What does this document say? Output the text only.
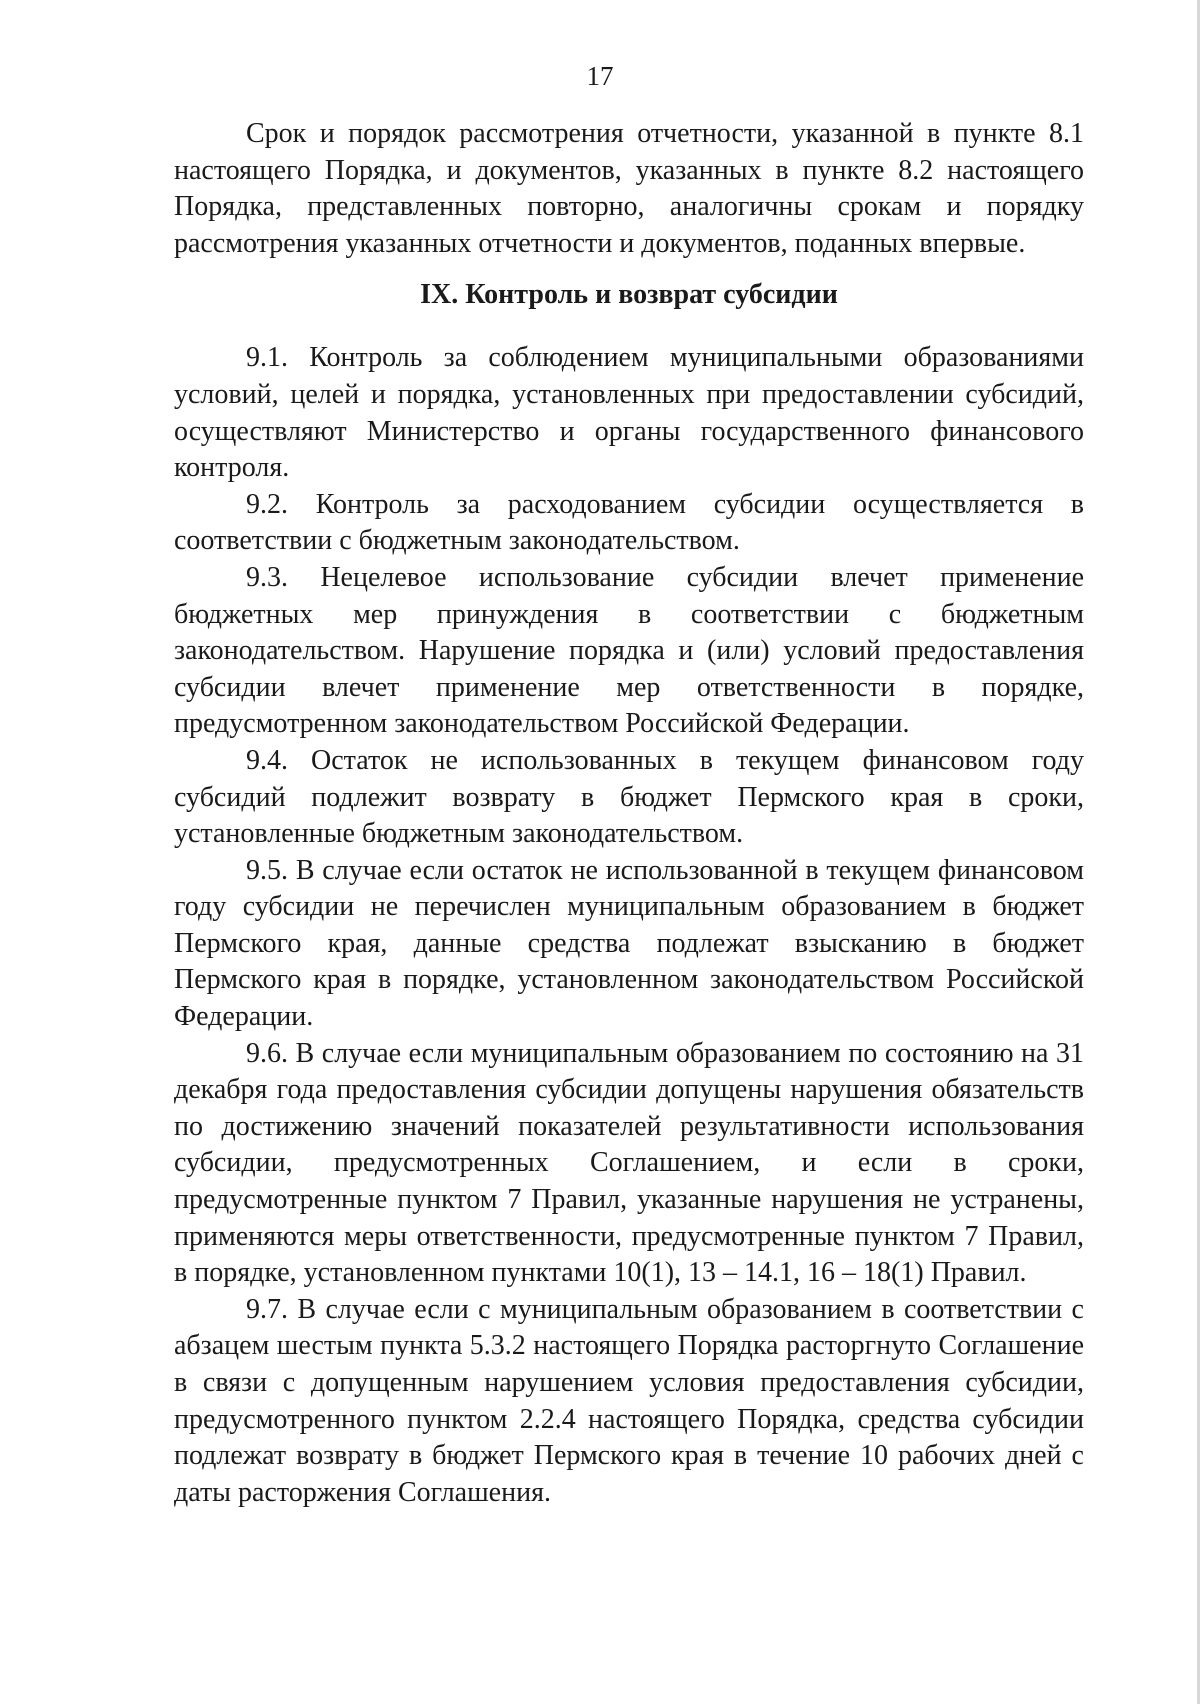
17

Срок и порядок рассмотрения отчетности, указанной в пункте 8.1 настоящего Порядка, и документов, указанных в пункте 8.2 настоящего Порядка, представленных повторно, аналогичны срокам и порядку рассмотрения указанных отчетности и документов, поданных впервые.

IX. Контроль и возврат субсидии

9.1. Контроль за соблюдением муниципальными образованиями условий, целей и порядка, установленных при предоставлении субсидий, осуществляют Министерство и органы государственного финансового контроля.

9.2. Контроль за расходованием субсидии осуществляется в соответствии с бюджетным законодательством.

9.3. Нецелевое использование субсидии влечет применение бюджетных мер принуждения в соответствии с бюджетным законодательством. Нарушение порядка и (или) условий предоставления субсидии влечет применение мер ответственности в порядке, предусмотренном законодательством Российской Федерации.

9.4. Остаток не использованных в текущем финансовом году субсидий подлежит возврату в бюджет Пермского края в сроки, установленные бюджетным законодательством.

9.5. В случае если остаток не использованной в текущем финансовом году субсидии не перечислен муниципальным образованием в бюджет Пермского края, данные средства подлежат взысканию в бюджет Пермского края в порядке, установленном законодательством Российской Федерации.

9.6. В случае если муниципальным образованием по состоянию на 31 декабря года предоставления субсидии допущены нарушения обязательств по достижению значений показателей результативности использования субсидии, предусмотренных Соглашением, и если в сроки, предусмотренные пунктом 7 Правил, указанные нарушения не устранены, применяются меры ответственности, предусмотренные пунктом 7 Правил, в порядке, установленном пунктами 10(1), 13 – 14.1, 16 – 18(1) Правил.

9.7. В случае если с муниципальным образованием в соответствии с абзацем шестым пункта 5.3.2 настоящего Порядка расторгнуто Соглашение в связи с допущенным нарушением условия предоставления субсидии, предусмотренного пунктом 2.2.4 настоящего Порядка, средства субсидии подлежат возврату в бюджет Пермского края в течение 10 рабочих дней с даты расторжения Соглашения.
